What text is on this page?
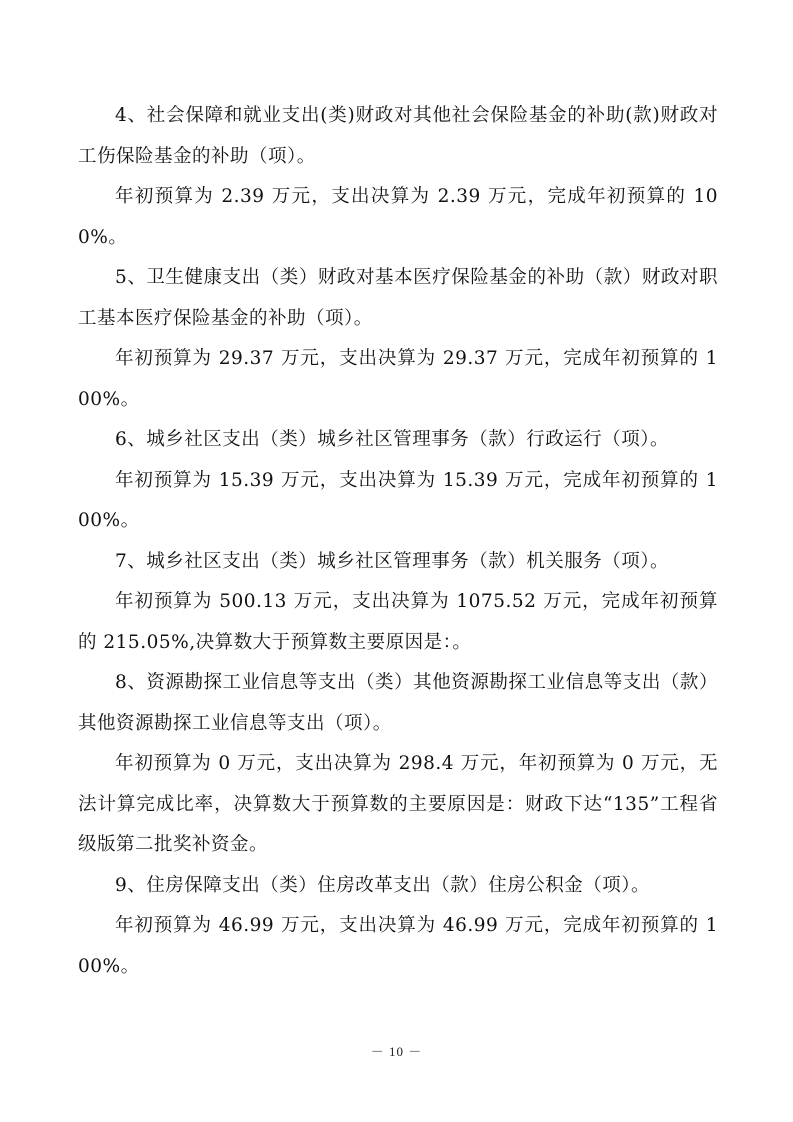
4、社会保障和就业支出(类)财政对其他社会保险基金的补助(款)财政对工伤保险基金的补助（项）。

年初预算为 2.39 万元，支出决算为 2.39 万元，完成年初预算的 100%。

5、卫生健康支出（类）财政对基本医疗保险基金的补助（款）财政对职工基本医疗保险基金的补助（项）。

年初预算为 29.37 万元，支出决算为 29.37 万元，完成年初预算的 100%。

6、城乡社区支出（类）城乡社区管理事务（款）行政运行（项）。

年初预算为 15.39 万元，支出决算为 15.39 万元，完成年初预算的 100%。

7、城乡社区支出（类）城乡社区管理事务（款）机关服务（项）。

年初预算为 500.13 万元，支出决算为 1075.52 万元，完成年初预算的 215.05%,决算数大于预算数主要原因是：。

8、资源勘探工业信息等支出（类）其他资源勘探工业信息等支出（款）其他资源勘探工业信息等支出（项）。

年初预算为 0 万元，支出决算为 298.4 万元，年初预算为 0 万元，无法计算完成比率，决算数大于预算数的主要原因是：财政下达“135”工程省级版第二批奖补资金。

9、住房保障支出（类）住房改革支出（款）住房公积金（项）。

年初预算为 46.99 万元，支出决算为 46.99 万元，完成年初预算的 100%。

－ 10 －
